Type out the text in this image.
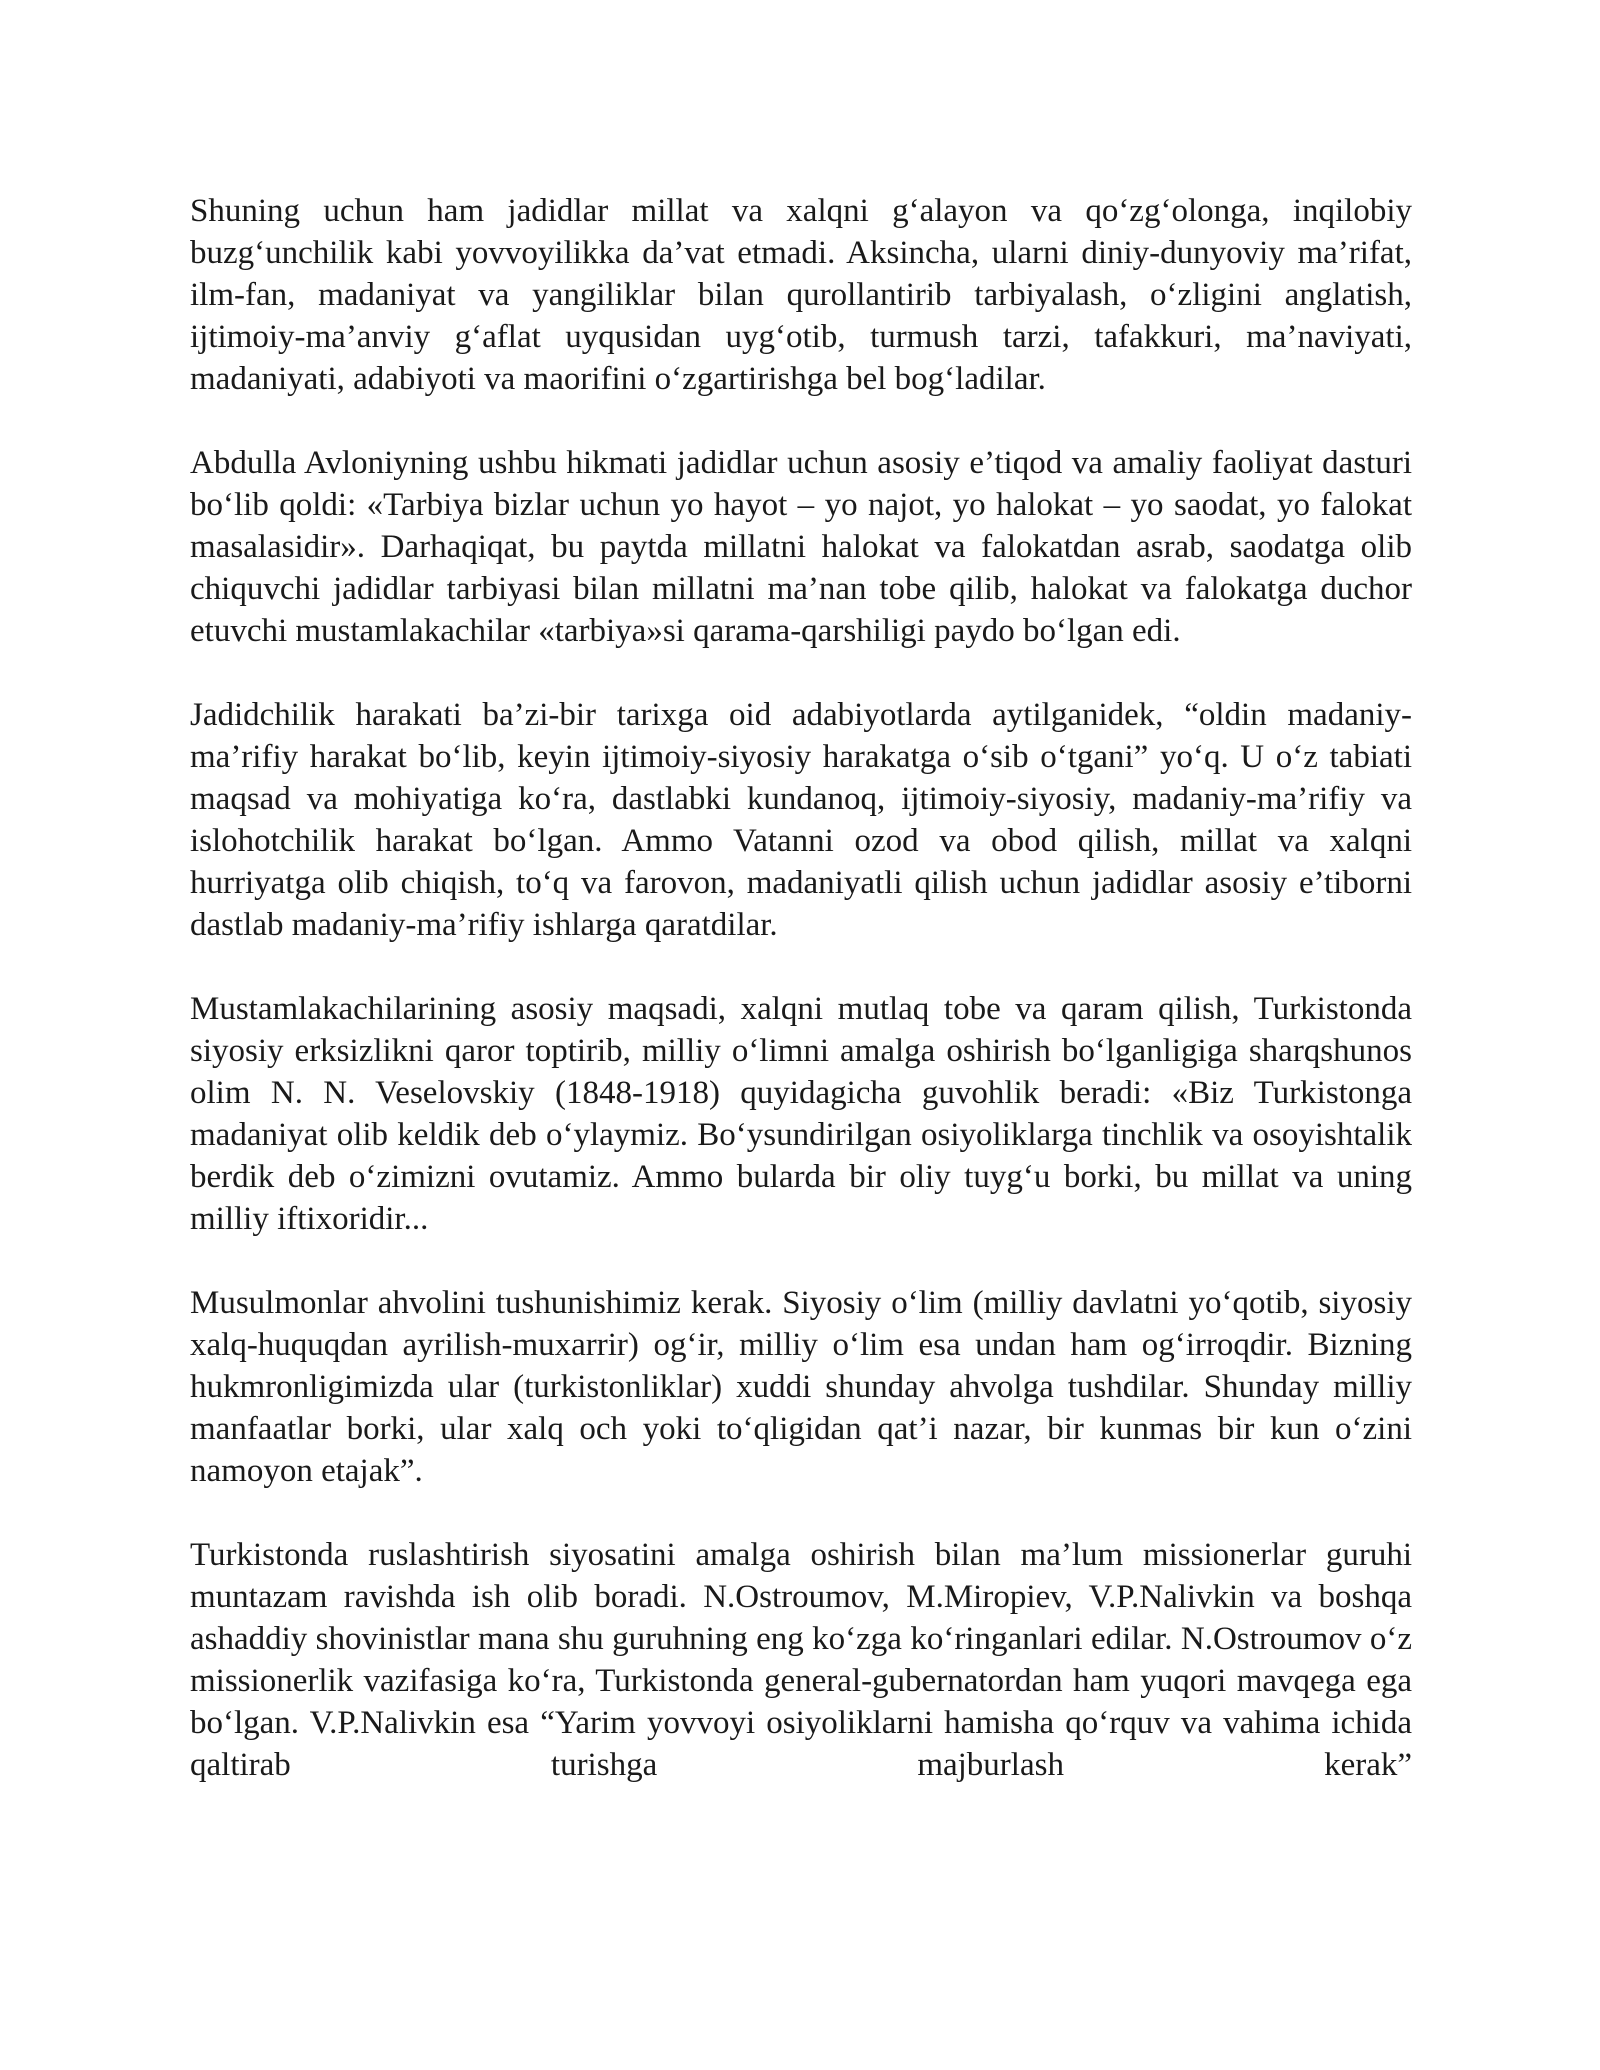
Shuning uchun ham jadidlar millat va xalqni g‘alayon va qo‘zg‘olonga, inqilobiy buzg‘unchilik kabi yovvoyilikka da’vat etmadi. Aksincha, ularni diniy-dunyoviy ma’rifat, ilm-fan, madaniyat va yangiliklar bilan qurollantirib tarbiyalash, o‘zligini anglatish, ijtimoiy-ma’anviy g‘aflat uyqusidan uyg‘otib, turmush tarzi, tafakkuri, ma’naviyati, madaniyati, adabiyoti va maorifini o‘zgartirishga bel bog‘ladilar.

Abdulla Avloniyning ushbu hikmati jadidlar uchun asosiy e’tiqod va amaliy faoliyat dasturi bo‘lib qoldi: «Tarbiya bizlar uchun yo hayot – yo najot, yo halokat – yo saodat, yo falokat masalasidir». Darhaqiqat, bu paytda millatni halokat va falokatdan asrab, saodatga olib chiquvchi jadidlar tarbiyasi bilan millatni ma’nan tobe qilib, halokat va falokatga duchor etuvchi mustamlakachilar «tarbiya»si qarama-qarshiligi paydo bo‘lgan edi.

Jadidchilik harakati ba’zi-bir tarixga oid adabiyotlarda aytilganidek, “oldin madaniy-ma’rifiy harakat bo‘lib, keyin ijtimoiy-siyosiy harakatga o‘sib o‘tgani” yo‘q. U o‘z tabiati maqsad va mohiyatiga ko‘ra, dastlabki kundanoq, ijtimoiy-siyosiy, madaniy-ma’rifiy va islohotchilik harakat bo‘lgan. Ammo Vatanni ozod va obod qilish, millat va xalqni hurriyatga olib chiqish, to‘q va farovon, madaniyatli qilish uchun jadidlar asosiy e’tiborni dastlab madaniy-ma’rifiy ishlarga qaratdilar.

Mustamlakachilarining asosiy maqsadi, xalqni mutlaq tobe va qaram qilish, Turkistonda siyosiy erksizlikni qaror toptirib, milliy o‘limni amalga oshirish bo‘lganligiga sharqshunos olim N. N. Veselovskiy (1848-1918) quyidagicha guvohlik beradi: «Biz Turkistonga madaniyat olib keldik deb o‘ylaymiz. Bo‘ysundirilgan osiyoliklarga tinchlik va osoyishtalik berdik deb o‘zimizni ovutamiz. Ammo bularda bir oliy tuyg‘u borki, bu millat va uning milliy iftixoridir...

Musulmonlar ahvolini tushunishimiz kerak. Siyosiy o‘lim (milliy davlatni yo‘qotib, siyosiy xalq-huquqdan ayrilish-muxarrir) og‘ir, milliy o‘lim esa undan ham og‘irroqdir. Bizning hukmronligimizda ular (turkistonliklar) xuddi shunday ahvolga tushdilar. Shunday milliy manfaatlar borki, ular xalq och yoki to‘qligidan qat’i nazar, bir kunmas bir kun o‘zini namoyon etajak”.

Turkistonda ruslashtirish siyosatini amalga oshirish bilan ma’lum missionerlar guruhi muntazam ravishda ish olib boradi. N.Ostroumov, M.Miropiev, V.P.Nalivkin va boshqa ashaddiy shovinistlar mana shu guruhning eng ko‘zga ko‘ringanlari edilar. N.Ostroumov o‘z missionerlik vazifasiga ko‘ra, Turkistonda general-gubernatordan ham yuqori mavqega ega bo‘lgan. V.P.Nalivkin esa “Yarim yovvoyi osiyoliklarni hamisha qo‘rquv va vahima ichida qaltirab turishga majburlash kerak”
